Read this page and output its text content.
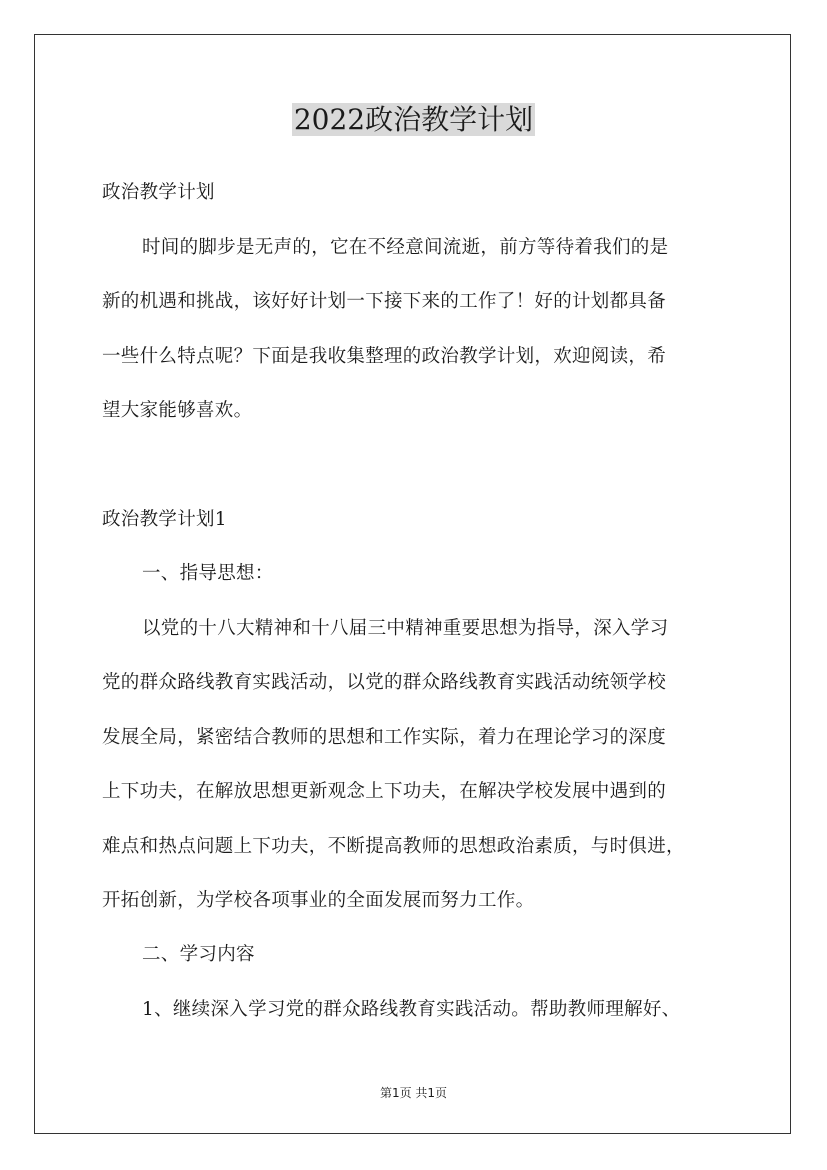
2022政治教学计划
政治教学计划
时间的脚步是无声的，它在不经意间流逝，前方等待着我们的是
新的机遇和挑战，该好好计划一下接下来的工作了！好的计划都具备
一些什么特点呢？下面是我收集整理的政治教学计划，欢迎阅读，希
望大家能够喜欢。
政治教学计划1
一、指导思想：
以党的十八大精神和十八届三中精神重要思想为指导，深入学习
党的群众路线教育实践活动，以党的群众路线教育实践活动统领学校
发展全局，紧密结合教师的思想和工作实际，着力在理论学习的深度
上下功夫，在解放思想更新观念上下功夫，在解决学校发展中遇到的
难点和热点问题上下功夫，不断提高教师的思想政治素质，与时俱进，
开拓创新，为学校各项事业的全面发展而努力工作。
二、学习内容
1、继续深入学习党的群众路线教育实践活动。帮助教师理解好、
第1页 共1页
